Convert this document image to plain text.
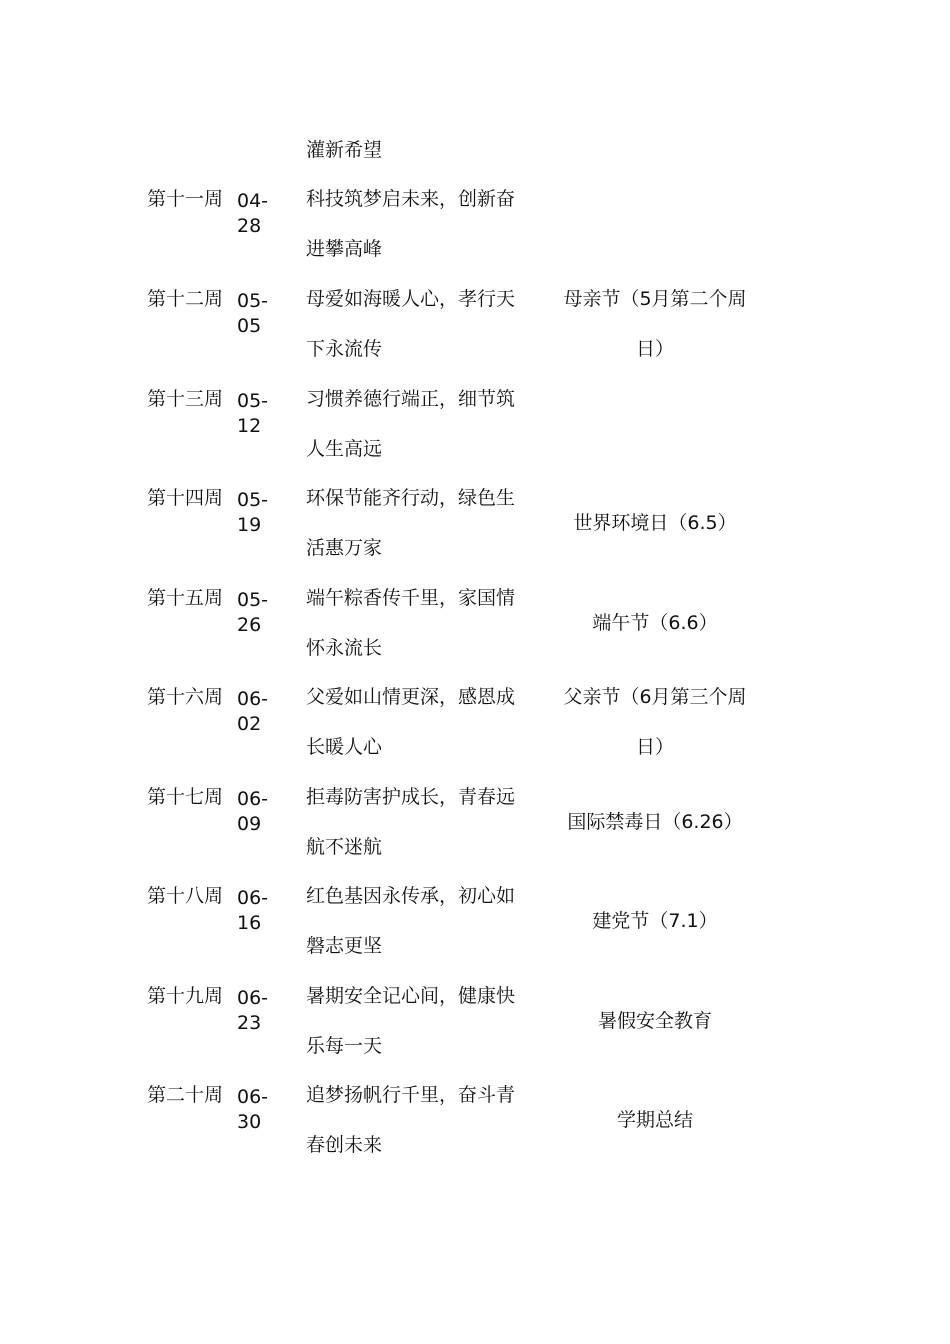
灌新希望
第十一周 04-28
科技筑梦启未来，创新奋进攀高峰
第十二周 05-05
母爱如海暖人心，孝行天下永流传
母亲节（5月第二个周日）
第十三周 05-12
习惯养德行端正，细节筑人生高远
第十四周 05-19
环保节能齐行动，绿色生活惠万家
世界环境日（6.5）
第十五周 05-26
端午粽香传千里，家国情怀永流长
端午节（6.6）
第十六周 06-02
父爱如山情更深，感恩成长暖人心
父亲节（6月第三个周日）
第十七周 06-09
拒毒防害护成长，青春远航不迷航
国际禁毒日（6.26）
第十八周 06-16
红色基因永传承，初心如磐志更坚
建党节（7.1）
第十九周 06-23
暑期安全记心间，健康快乐每一天
暑假安全教育
第二十周 06-30
追梦扬帆行千里，奋斗青春创未来
学期总结
